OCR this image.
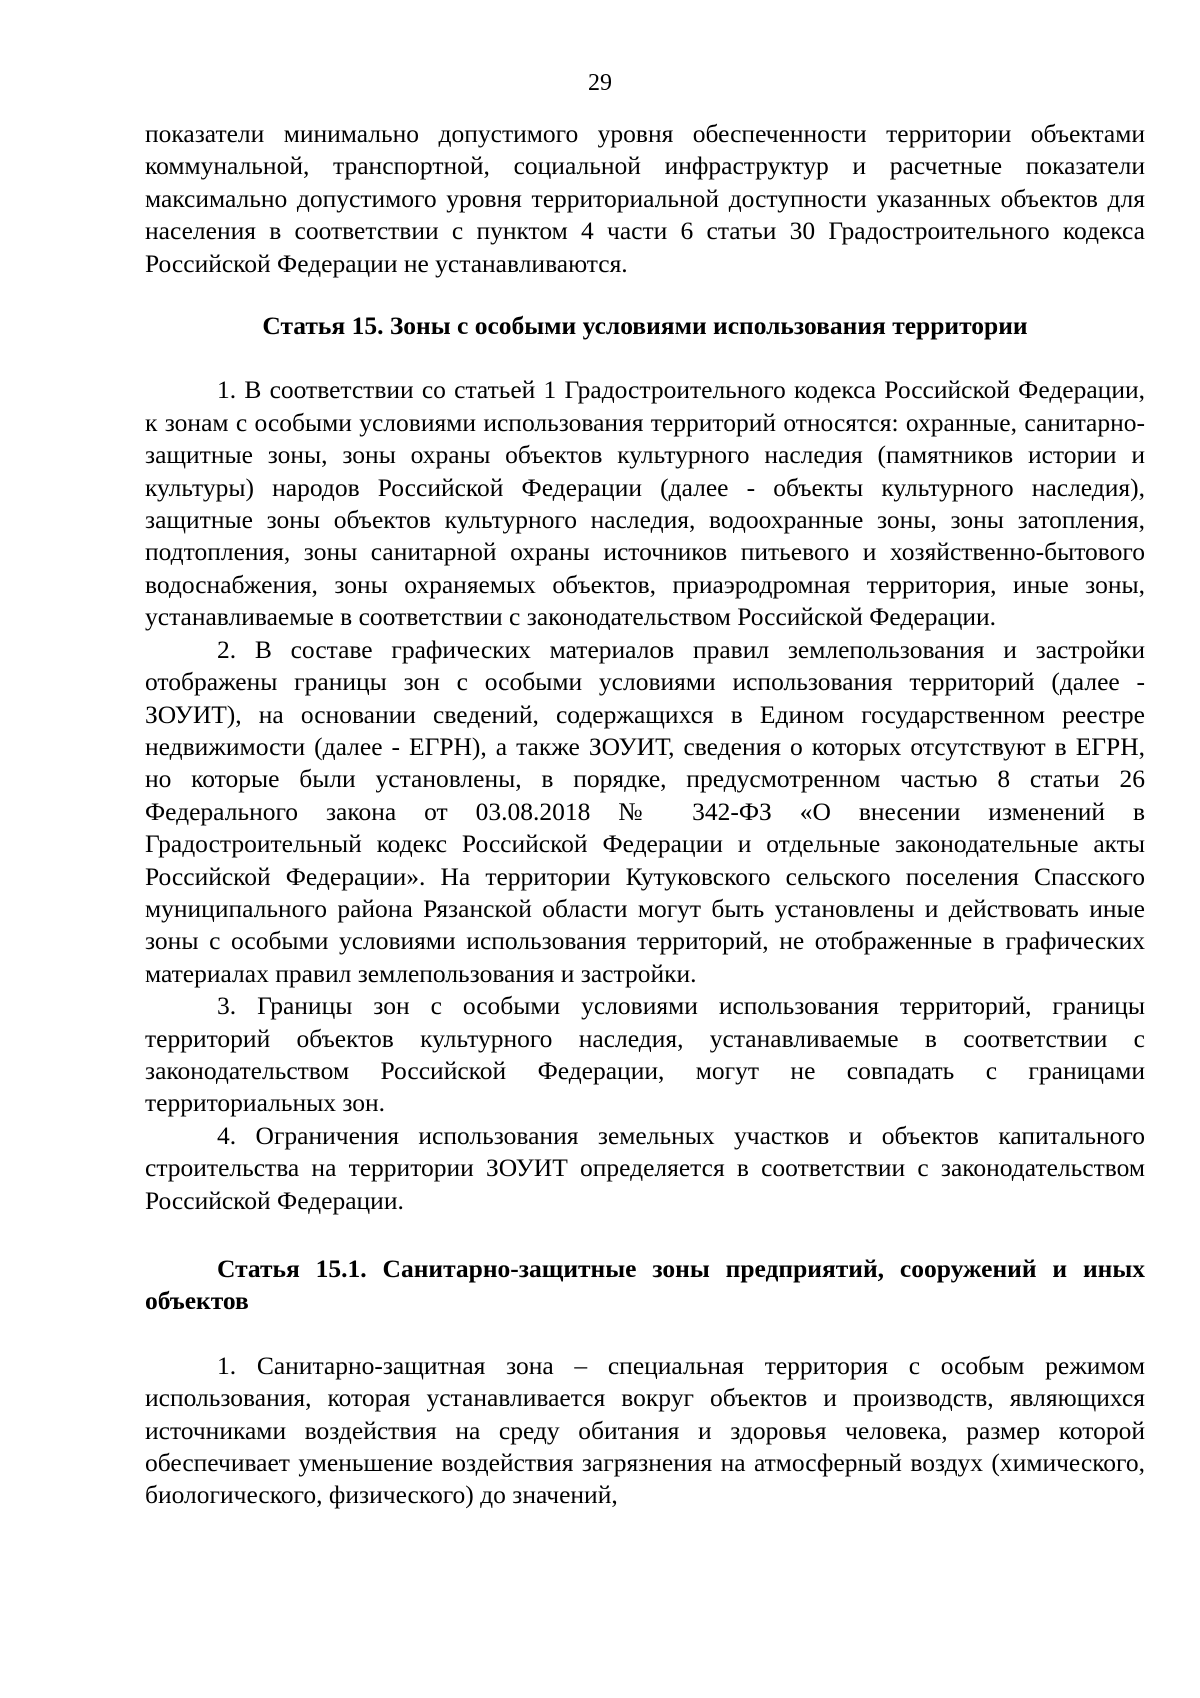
29

показатели минимально допустимого уровня обеспеченности территории объектами коммунальной, транспортной, социальной инфраструктур и расчетные показатели максимально допустимого уровня территориальной доступности указанных объектов для населения в соответствии с пунктом 4 части 6 статьи 30 Градостроительного кодекса Российской Федерации не устанавливаются.

Статья 15. Зоны с особыми условиями использования территории

1. В соответствии со статьей 1 Градостроительного кодекса Российской Федерации, к зонам с особыми условиями использования территорий относятся: охранные, санитарно-защитные зоны, зоны охраны объектов культурного наследия (памятников истории и культуры) народов Российской Федерации (далее - объекты культурного наследия), защитные зоны объектов культурного наследия, водоохранные зоны, зоны затопления, подтопления, зоны санитарной охраны источников питьевого и хозяйственно-бытового водоснабжения, зоны охраняемых объектов, приаэродромная территория, иные зоны, устанавливаемые в соответствии с законодательством Российской Федерации.

2. В составе графических материалов правил землепользования и застройки отображены границы зон с особыми условиями использования территорий (далее - ЗОУИТ), на основании сведений, содержащихся в Едином государственном реестре недвижимости (далее - ЕГРН), а также ЗОУИТ, сведения о которых отсутствуют в ЕГРН, но которые были установлены, в порядке, предусмотренном частью 8 статьи 26 Федерального закона от 03.08.2018 № 342-ФЗ «О внесении изменений в Градостроительный кодекс Российской Федерации и отдельные законодательные акты Российской Федерации». На территории Кутуковского сельского поселения Спасского муниципального района Рязанской области могут быть установлены и действовать иные зоны с особыми условиями использования территорий, не отображенные в графических материалах правил землепользования и застройки.

3. Границы зон с особыми условиями использования территорий, границы территорий объектов культурного наследия, устанавливаемые в соответствии с законодательством Российской Федерации, могут не совпадать с границами территориальных зон.

4. Ограничения использования земельных участков и объектов капитального строительства на территории ЗОУИТ определяется в соответствии с законодательством Российской Федерации.

Статья 15.1. Санитарно-защитные зоны предприятий, сооружений и иных объектов

1. Санитарно-защитная зона – специальная территория с особым режимом использования, которая устанавливается вокруг объектов и производств, являющихся источниками воздействия на среду обитания и здоровья человека, размер которой обеспечивает уменьшение воздействия загрязнения на атмосферный воздух (химического, биологического, физического) до значений,
